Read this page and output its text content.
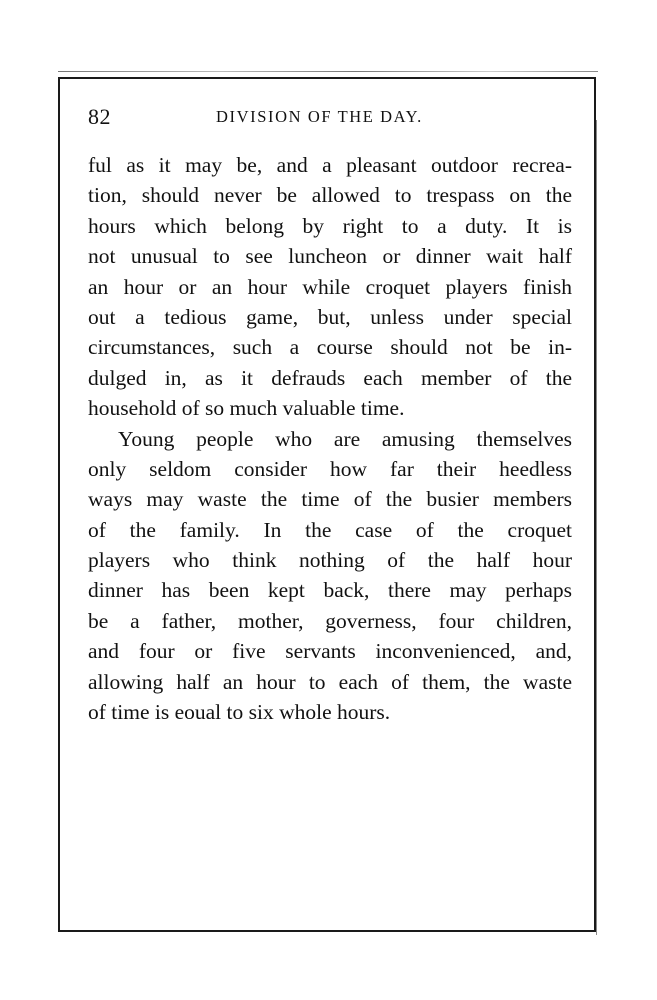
82	DIVISION OF THE DAY.
ful as it may be, and a pleasant outdoor recrea-
tion, should never be allowed to trespass on the
hours which belong by right to a duty. It is
not unusual to see luncheon or dinner wait half
an hour or an hour while croquet players finish
out a tedious game, but, unless under special
circumstances, such a course should not be in-
dulged in, as it defrauds each member of the
household of so much valuable time.
Young people who are amusing themselves
only seldom consider how far their heedless
ways may waste the time of the busier members
of the family. In the case of the croquet
players who think nothing of the half hour
dinner has been kept back, there may perhaps
be a father, mother, governess, four children,
and four or five servants inconvenienced, and,
allowing half an hour to each of them, the waste
of time is eoual to six whole hours.
